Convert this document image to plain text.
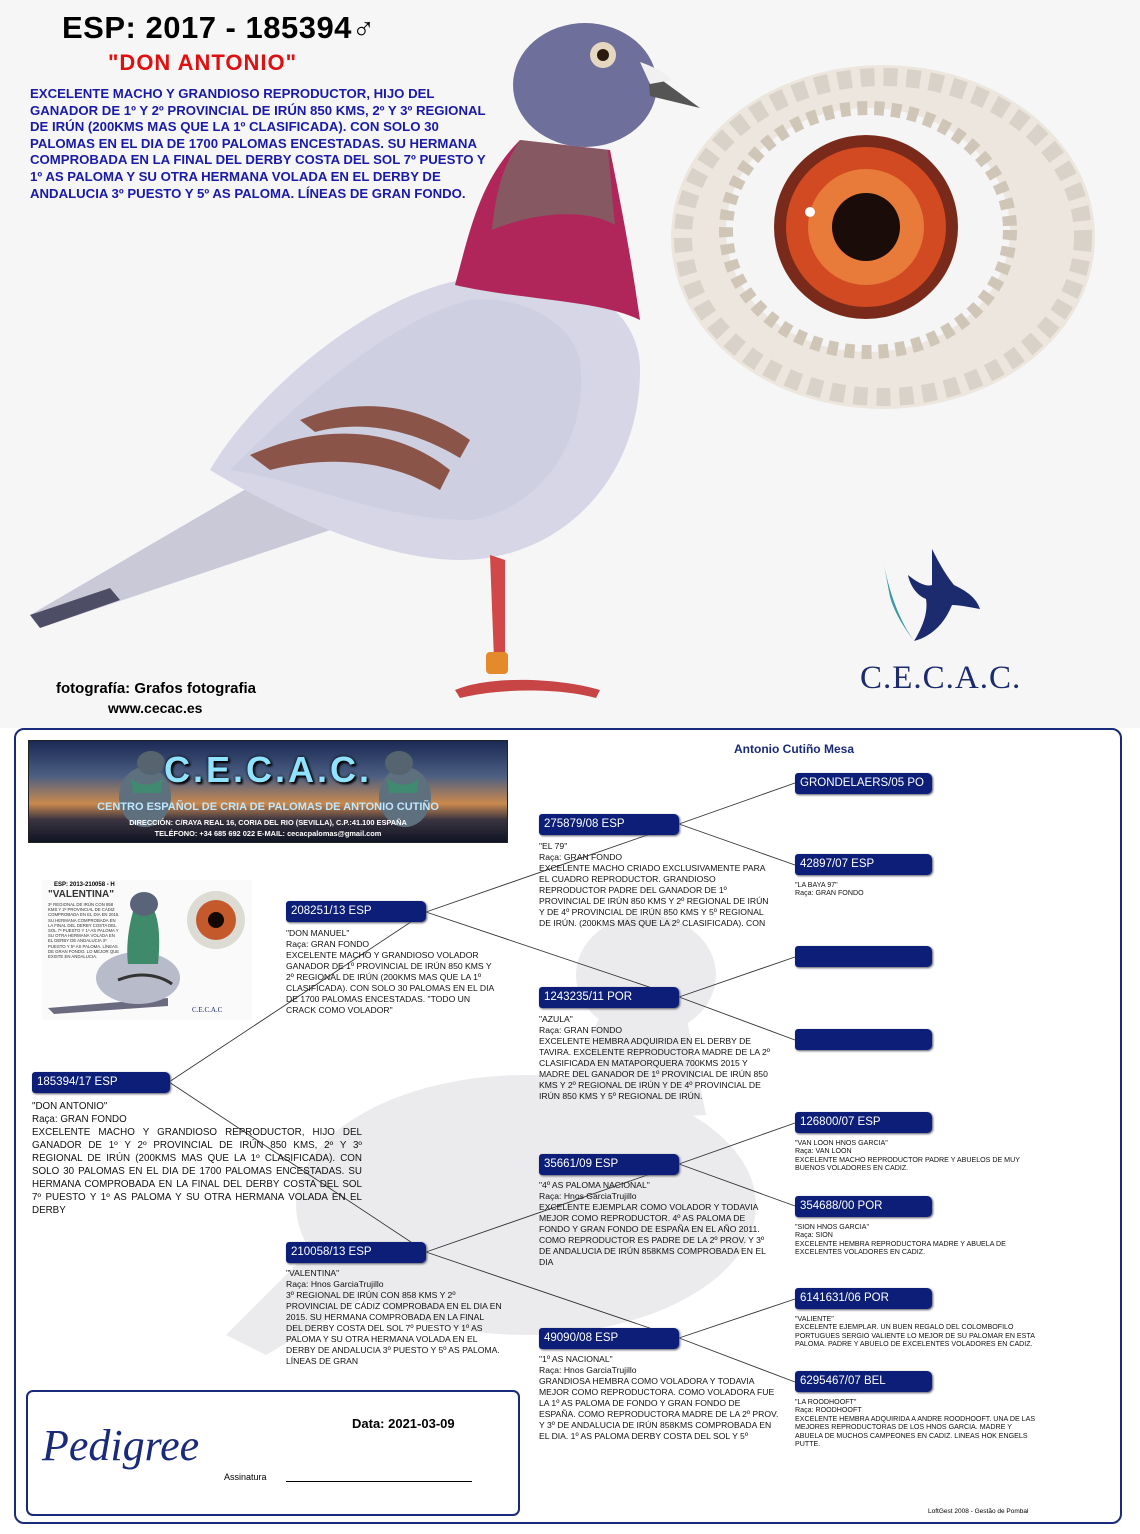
ESP: 2017 - 185394♂
"DON ANTONIO"
EXCELENTE MACHO Y GRANDIOSO REPRODUCTOR, HIJO DEL GANADOR DE 1º Y 2º PROVINCIAL DE IRÚN 850 KMS, 2º Y 3º REGIONAL DE IRÚN (200KMS MAS QUE LA 1º CLASIFICADA). CON SOLO 30 PALOMAS EN EL DIA DE 1700 PALOMAS ENCESTADAS. SU HERMANA COMPROBADA EN LA FINAL DEL DERBY COSTA DEL SOL 7º PUESTO Y 1º AS PALOMA Y SU OTRA HERMANA VOLADA EN EL DERBY DE ANDALUCIA 3º PUESTO Y 5º AS PALOMA. LÍNEAS DE GRAN FONDO.
C.E.C.A.C.
fotografía: Grafos fotografia
www.cecac.es
Antonio Cutiño Mesa
C.E.C.A.C.
CENTRO ESPAÑOL DE CRIA DE PALOMAS DE ANTONIO CUTIÑO
DIRECCIÓN: C/RAYA REAL 16, CORIA DEL RIO (SEVILLA), C.P.:41.100 ESPAÑA
TELÉFONO: +34 685 692 022 E-MAIL: cecacpalomas@gmail.com
ESP: 2013-210058 - H
"VALENTINA"
3º REGIONAL DE IRÚN CON 858 KMS Y 2º PROVINCIAL DE CÁDIZ COMPROBADA EN EL DIA EN 2015. SU HERMANA COMPROBADA EN LA FINAL DEL DERBY COSTA DEL SOL 7º PUESTO Y 1º AS PALOMA Y SU OTRA HERMANA VOLADA EN EL DERBY DE ANDALUCIA 3º PUESTO Y 5º AS PALOMA. LÍNEAS DE GRAN FONDO. LO MEJOR QUE EXISTE EN ANDALUCIA.
C.E.C.A.C
185394/17 ESP

"DON ANTONIO"

Raça: GRAN FONDO

EXCELENTE MACHO Y GRANDIOSO REPRODUCTOR, HIJO DEL GANADOR DE 1º Y 2º PROVINCIAL DE IRÚN 850 KMS, 2º Y 3º REGIONAL DE IRÚN (200KMS MAS QUE LA 1º CLASIFICADA). CON SOLO 30 PALOMAS EN EL DIA DE 1700 PALOMAS ENCESTADAS. SU HERMANA COMPROBADA EN LA FINAL DEL DERBY COSTA DEL SOL 7º PUESTO Y 1º AS PALOMA Y SU OTRA HERMANA VOLADA EN EL DERBY

208251/13 ESP

"DON MANUEL"

Raça: GRAN FONDO

EXCELENTE MACHO Y GRANDIOSO VOLADOR GANADOR DE 1º PROVINCIAL DE IRÚN 850 KMS Y 2º REGIONAL DE IRÚN (200KMS MAS QUE LA 1º CLASIFICADA). CON SOLO 30 PALOMAS EN EL DIA DE 1700 PALOMAS ENCESTADAS. "TODO UN CRACK COMO VOLADOR"

210058/13 ESP

"VALENTINA"

Raça: Hnos GarciaTrujillo

3º REGIONAL DE IRÚN CON 858 KMS Y 2º PROVINCIAL DE CÁDIZ COMPROBADA EN EL DIA EN 2015. SU HERMANA COMPROBADA EN LA FINAL DEL DERBY COSTA DEL SOL 7º PUESTO Y 1º AS PALOMA Y SU OTRA HERMANA VOLADA EN EL DERBY DE ANDALUCIA 3º PUESTO Y 5º AS PALOMA. LÍNEAS DE GRAN

275879/08 ESP

"EL 79"

Raça: GRAN FONDO

EXCELENTE MACHO CRIADO EXCLUSIVAMENTE PARA EL CUADRO REPRODUCTOR. GRANDIOSO REPRODUCTOR PADRE DEL GANADOR DE 1º PROVINCIAL DE IRÚN 850 KMS Y 2º REGIONAL DE IRÚN Y DE 4º PROVINCIAL DE IRÚN 850 KMS Y 5º REGIONAL DE IRÚN. (200KMS MAS QUE LA 2º CLASIFICADA). CON

1243235/11 POR

"AZULA"

Raça: GRAN FONDO

EXCELENTE HEMBRA ADQUIRIDA EN EL DERBY DE TAVIRA. EXCELENTE REPRODUCTORA MADRE DE LA 2º CLASIFICADA EN MATAPORQUERA 700KMS 2015 Y MADRE DEL GANADOR DE 1º PROVINCIAL DE IRÚN 850 KMS Y 2º REGIONAL DE IRÚN Y DE 4º PROVINCIAL DE IRÚN 850 KMS Y 5º REGIONAL DE IRÚN.

35661/09 ESP

"4º AS PALOMA NACIONAL"

Raça: Hnos GarciaTrujillo

EXCELENTE EJEMPLAR COMO VOLADOR Y TODAVIA MEJOR COMO REPRODUCTOR. 4º AS PALOMA DE FONDO Y GRAN FONDO DE ESPAÑA EN EL AÑO 2011. COMO REPRODUCTOR ES PADRE DE LA 2º PROV. Y 3º DE ANDALUCIA DE IRÚN 858KMS COMPROBADA EN EL DIA

49090/08 ESP

"1º AS NACIONAL"

Raça: Hnos GarciaTrujillo

GRANDIOSA HEMBRA COMO VOLADORA Y TODAVIA MEJOR COMO REPRODUCTORA. COMO VOLADORA FUE LA 1º AS PALOMA DE FONDO Y GRAN FONDO DE ESPAÑA. COMO REPRODUCTORA MADRE DE LA 2º PROV. Y 3º DE ANDALUCIA DE IRÚN 858KMS COMPROBADA EN EL DIA. 1º AS PALOMA DERBY COSTA DEL SOL Y 5º

GRONDELAERS/05 PO
42897/07 ESP

"LA BAYA 97"

Raça: GRAN FONDO

126800/07 ESP

"VAN LOON HNOS GARCIA"

Raça: VAN LOON

EXCELENTE MACHO REPRODUCTOR PADRE Y ABUELOS DE MUY BUENOS VOLADORES EN CADIZ.

354688/00 POR

"SION HNOS GARCIA"

Raça: SION

EXCELENTE HEMBRA REPRODUCTORA MADRE Y ABUELA DE EXCELENTES VOLADORES EN CADIZ.

6141631/06 POR

"VALIENTE"

EXCELENTE EJEMPLAR. UN BUEN REGALO DEL COLOMBOFILO PORTUGUES SERGIO VALIENTE LO MEJOR DE SU PALOMAR EN ESTA PALOMA. PADRE Y ABUELO DE EXCELENTES VOLADORES EN CADIZ.

6295467/07 BEL

"LA ROODHOOFT"

Raça: ROODHOOFT

EXCELENTE HEMBRA ADQUIRIDA A ANDRE ROODHOOFT. UNA DE LAS MEJORES REPRODUCTORAS DE LOS HNOS GARCIA. MADRE Y ABUELA DE MUCHOS CAMPEONES EN CADIZ. LINEAS HOK ENGELS PUTTE.

Pedigree	Data: 2021-03-09
Assinatura
LoftGest 2008 - Gestão de Pombal
